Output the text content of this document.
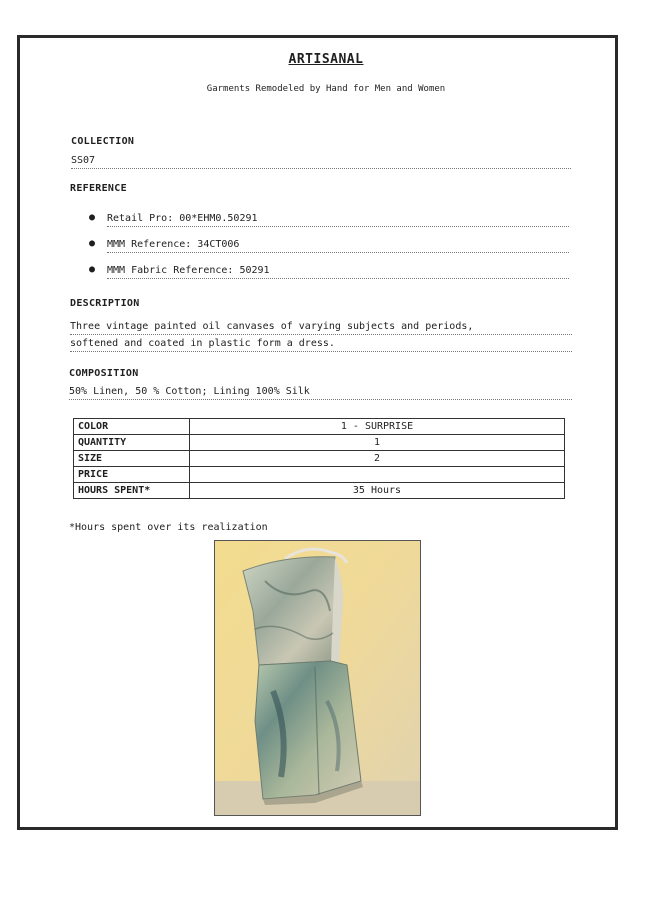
ARTISANAL
Garments Remodeled by Hand for Men and Women
COLLECTION
SS07
REFERENCE
● Retail Pro: 00*EHM0.50291
● MMM Reference: 34CT006
● MMM Fabric Reference: 50291
DESCRIPTION
Three vintage painted oil canvases of varying subjects and periods,
softened and coated in plastic form a dress.
COMPOSITION
50% Linen, 50 % Cotton; Lining 100% Silk
COLOR	1 - SURPRISE
QUANTITY	1
SIZE	2
PRICE	
HOURS SPENT*	35 Hours
*Hours spent over its realization
